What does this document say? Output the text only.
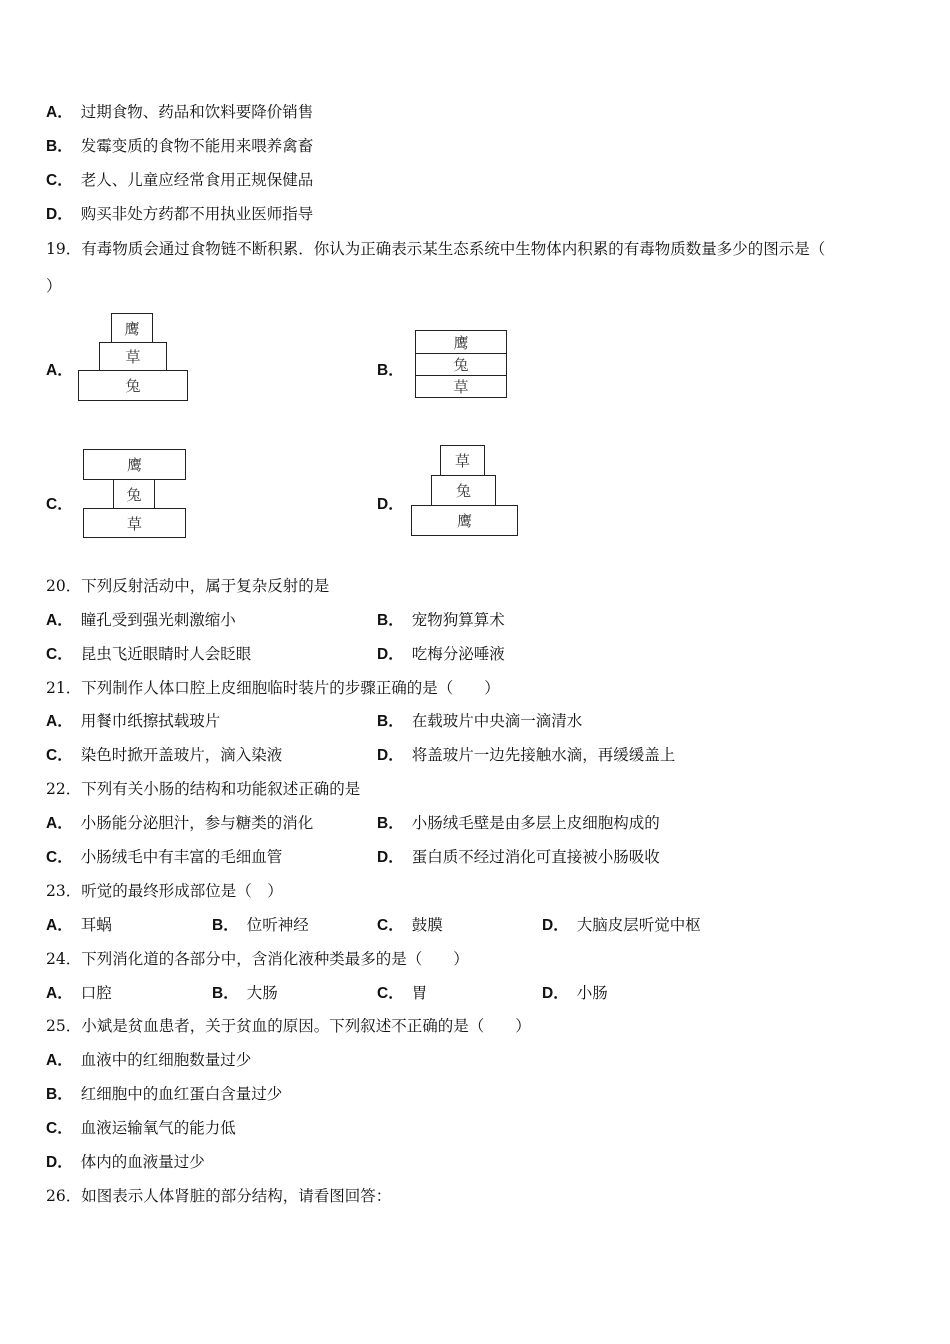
A． 过期食物、药品和饮料要降价销售
B． 发霉变质的食物不能用来喂养禽畜
C． 老人、儿童应经常食用正规保健品
D． 购买非处方药都不用执业医师指导
19．有毒物质会通过食物链不断积累．你认为正确表示某生态系统中生物体内积累的有毒物质数量多少的图示是（
）
A．
鹰
草
兔
B．
鹰
兔
草
C．
鹰
兔
草
D．
草
兔
鹰
20．下列反射活动中，属于复杂反射的是
A． 瞳孔受到强光刺激缩小	B． 宠物狗算算术
C． 昆虫飞近眼睛时人会眨眼	D． 吃梅分泌唾液
21．下列制作人体口腔上皮细胞临时装片的步骤正确的是（　　）
A． 用餐巾纸擦拭载玻片	B． 在载玻片中央滴一滴清水
C． 染色时掀开盖玻片，滴入染液	D． 将盖玻片一边先接触水滴，再缓缓盖上
22．下列有关小肠的结构和功能叙述正确的是
A． 小肠能分泌胆汁，参与糖类的消化	B． 小肠绒毛壁是由多层上皮细胞构成的
C． 小肠绒毛中有丰富的毛细血管	D． 蛋白质不经过消化可直接被小肠吸收
23．听觉的最终形成部位是（　）
A． 耳蜗	B． 位听神经	C． 鼓膜	D． 大脑皮层听觉中枢
24．下列消化道的各部分中，含消化液种类最多的是（　　）
A． 口腔	B． 大肠	C． 胃	D． 小肠
25．小斌是贫血患者，关于贫血的原因。下列叙述不正确的是（　　）
A． 血液中的红细胞数量过少
B． 红细胞中的血红蛋白含量过少
C． 血液运输氧气的能力低
D． 体内的血液量过少
26．如图表示人体肾脏的部分结构，请看图回答：
